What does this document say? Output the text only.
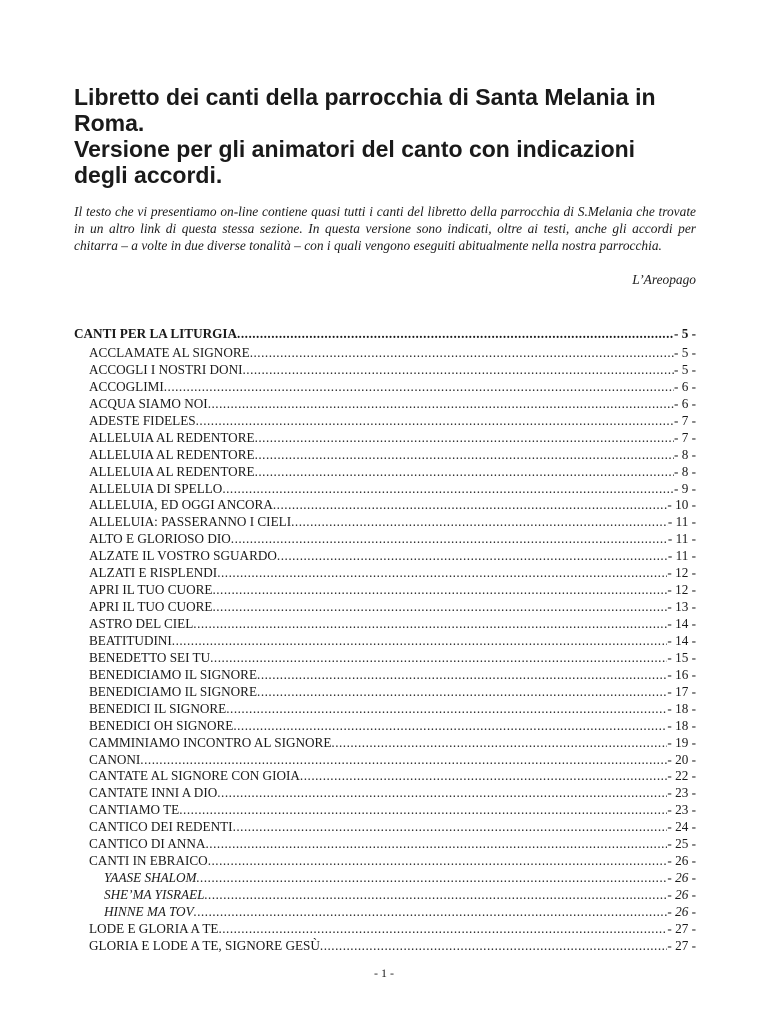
Libretto dei canti della parrocchia di Santa Melania in
Roma.
Versione per gli animatori del canto con indicazioni
degli accordi.

Il testo che vi presentiamo on-line contiene quasi tutti i canti del libretto della parrocchia di S.Melania che trovate in un altro link di questa stessa sezione. In questa versione sono indicati, oltre ai testi, anche gli accordi per chitarra – a volte in due diverse tonalità – con i quali vengono eseguiti abitualmente nella nostra parrocchia.

L’Areopago

CANTI PER LA LITURGIA .....	- 5 -
ACCLAMATE AL SIGNORE .....	- 5 -
ACCOGLI I NOSTRI DONI .....	- 5 -
ACCOGLIMI .....	- 6 -
ACQUA SIAMO NOI .....	- 6 -
ADESTE FIDELES .....	- 7 -
ALLELUIA AL REDENTORE .....	- 7 -
ALLELUIA AL REDENTORE .....	- 8 -
ALLELUIA AL REDENTORE .....	- 8 -
ALLELUIA DI SPELLO .....	- 9 -
ALLELUIA, ED OGGI ANCORA .....	- 10 -
ALLELUIA: PASSERANNO I CIELI .....	- 11 -
ALTO E GLORIOSO DIO .....	- 11 -
ALZATE IL VOSTRO SGUARDO .....	- 11 -
ALZATI E RISPLENDI .....	- 12 -
APRI IL TUO CUORE .....	- 12 -
APRI IL TUO CUORE .....	- 13 -
ASTRO DEL CIEL .....	- 14 -
BEATITUDINI .....	- 14 -
BENEDETTO SEI TU .....	- 15 -
BENEDICIAMO IL SIGNORE .....	- 16 -
BENEDICIAMO IL SIGNORE .....	- 17 -
BENEDICI IL SIGNORE .....	- 18 -
BENEDICI OH SIGNORE .....	- 18 -
CAMMINIAMO INCONTRO AL SIGNORE .....	- 19 -
CANONI .....	- 20 -
CANTATE AL SIGNORE CON GIOIA .....	- 22 -
CANTATE INNI A DIO .....	- 23 -
CANTIAMO TE .....	- 23 -
CANTICO DEI REDENTI .....	- 24 -
CANTICO DI ANNA .....	- 25 -
CANTI IN EBRAICO .....	- 26 -
YAASE SHALOM .....	- 26 -
SHE’MA YISRAEL .....	- 26 -
HINNE MA TOV .....	- 26 -
LODE E GLORIA A TE .....	- 27 -
GLORIA E LODE A TE, SIGNORE GESÙ .....	- 27 -
- 1 -
